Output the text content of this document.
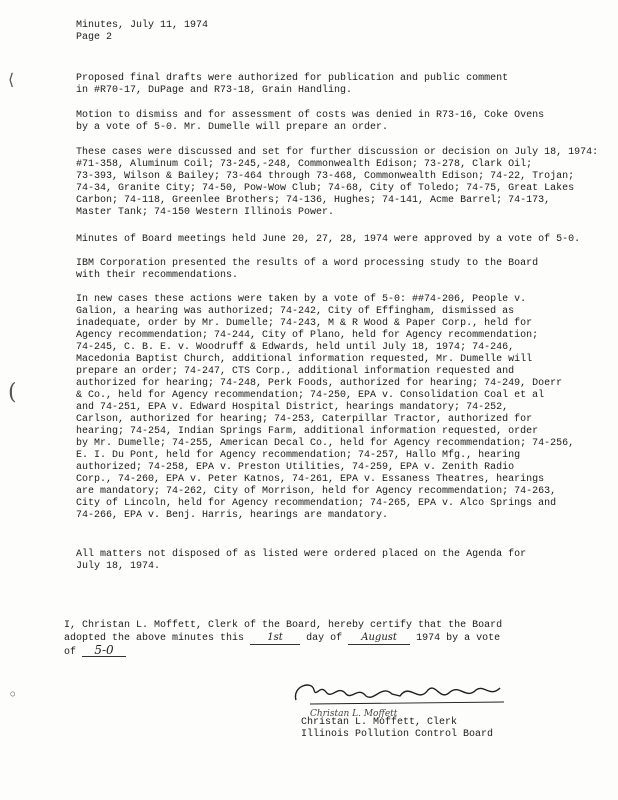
Minutes, July 11, 1974
Page 2
⟨
(
◦
Proposed final drafts were authorized for publication and public comment
in #R70-17, DuPage and R73-18, Grain Handling.
Motion to dismiss and for assessment of costs was denied in R73-16, Coke Ovens
by a vote of 5-0. Mr. Dumelle will prepare an order.
These cases were discussed and set for further discussion or decision on July 18, 1974:
#71-358, Aluminum Coil; 73-245,-248, Commonwealth Edison; 73-278, Clark Oil;
73-393, Wilson & Bailey; 73-464 through 73-468, Commonwealth Edison; 74-22, Trojan;
74-34, Granite City; 74-50, Pow-Wow Club; 74-68, City of Toledo; 74-75, Great Lakes
Carbon; 74-118, Greenlee Brothers; 74-136, Hughes; 74-141, Acme Barrel; 74-173,
Master Tank; 74-150 Western Illinois Power.
Minutes of Board meetings held June 20, 27, 28, 1974 were approved by a vote of 5-0.
IBM Corporation presented the results of a word processing study to the Board
with their recommendations.
In new cases these actions were taken by a vote of 5-0: ##74-206, People v.
Galion, a hearing was authorized; 74-242, City of Effingham, dismissed as
inadequate, order by Mr. Dumelle; 74-243, M & R Wood & Paper Corp., held for
Agency recommendation; 74-244, City of Plano, held for Agency recommendation;
74-245, C. B. E. v. Woodruff & Edwards, held until July 18, 1974; 74-246,
Macedonia Baptist Church, additional information requested, Mr. Dumelle will
prepare an order; 74-247, CTS Corp., additional information requested and
authorized for hearing; 74-248, Perk Foods, authorized for hearing; 74-249, Doerr
& Co., held for Agency recommendation; 74-250, EPA v. Consolidation Coal et al
and 74-251, EPA v. Edward Hospital District, hearings mandatory; 74-252,
Carlson, authorized for hearing; 74-253, Caterpillar Tractor, authorized for
hearing; 74-254, Indian Springs Farm, additional information requested, order
by Mr. Dumelle; 74-255, American Decal Co., held for Agency recommendation; 74-256,
E. I. Du Pont, held for Agency recommendation; 74-257, Hallo Mfg., hearing
authorized; 74-258, EPA v. Preston Utilities, 74-259, EPA v. Zenith Radio
Corp., 74-260, EPA v. Peter Katnos, 74-261, EPA v. Essaness Theatres, hearings
are mandatory; 74-262, City of Morrison, held for Agency recommendation; 74-263,
City of Lincoln, held for Agency recommendation; 74-265, EPA v. Alco Springs and
74-266, EPA v. Benj. Harris, hearings are mandatory.
All matters not disposed of as listed were ordered placed on the Agenda for
July 18, 1974.
I, Christan L. Moffett, Clerk of the Board, hereby certify that the Board
adopted the above minutes this 1st day of August 1974 by a vote
of 5-0
Christan L. Moffett
Christan L. Moffett, Clerk
Illinois Pollution Control Board
